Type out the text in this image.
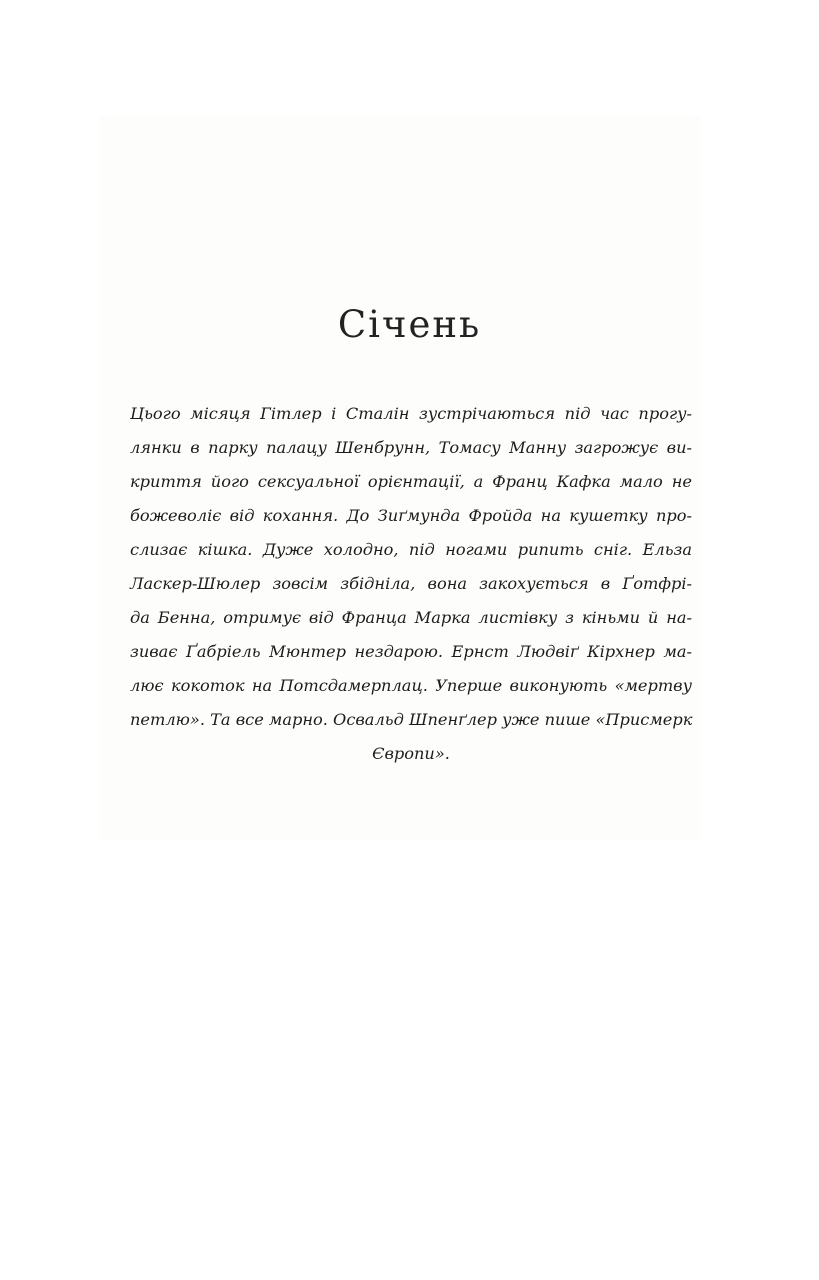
Січень
Цього місяця Гітлер і Сталін зустрічаються під час прогу-
лянки в парку палацу Шенбрунн, Томасу Манну загрожує ви-
криття його сексуальної орієнтації, а Франц Кафка мало не
божеволіє від кохання. До Зиґмунда Фройда на кушетку про-
слизає кішка. Дуже холодно, під ногами рипить сніг. Ельза
Ласкер-Шюлер зовсім збідніла, вона закохується в Ґотфрі-
да Бенна, отримує від Франца Марка листівку з кіньми й на-
зиває Ґабріель Мюнтер нездарою. Ернст Людвіґ Кірхнер ма-
лює кокоток на Потсдамерплац. Уперше виконують «мертву
петлю». Та все марно. Освальд Шпенґлер уже пише «Присмерк
Європи».
